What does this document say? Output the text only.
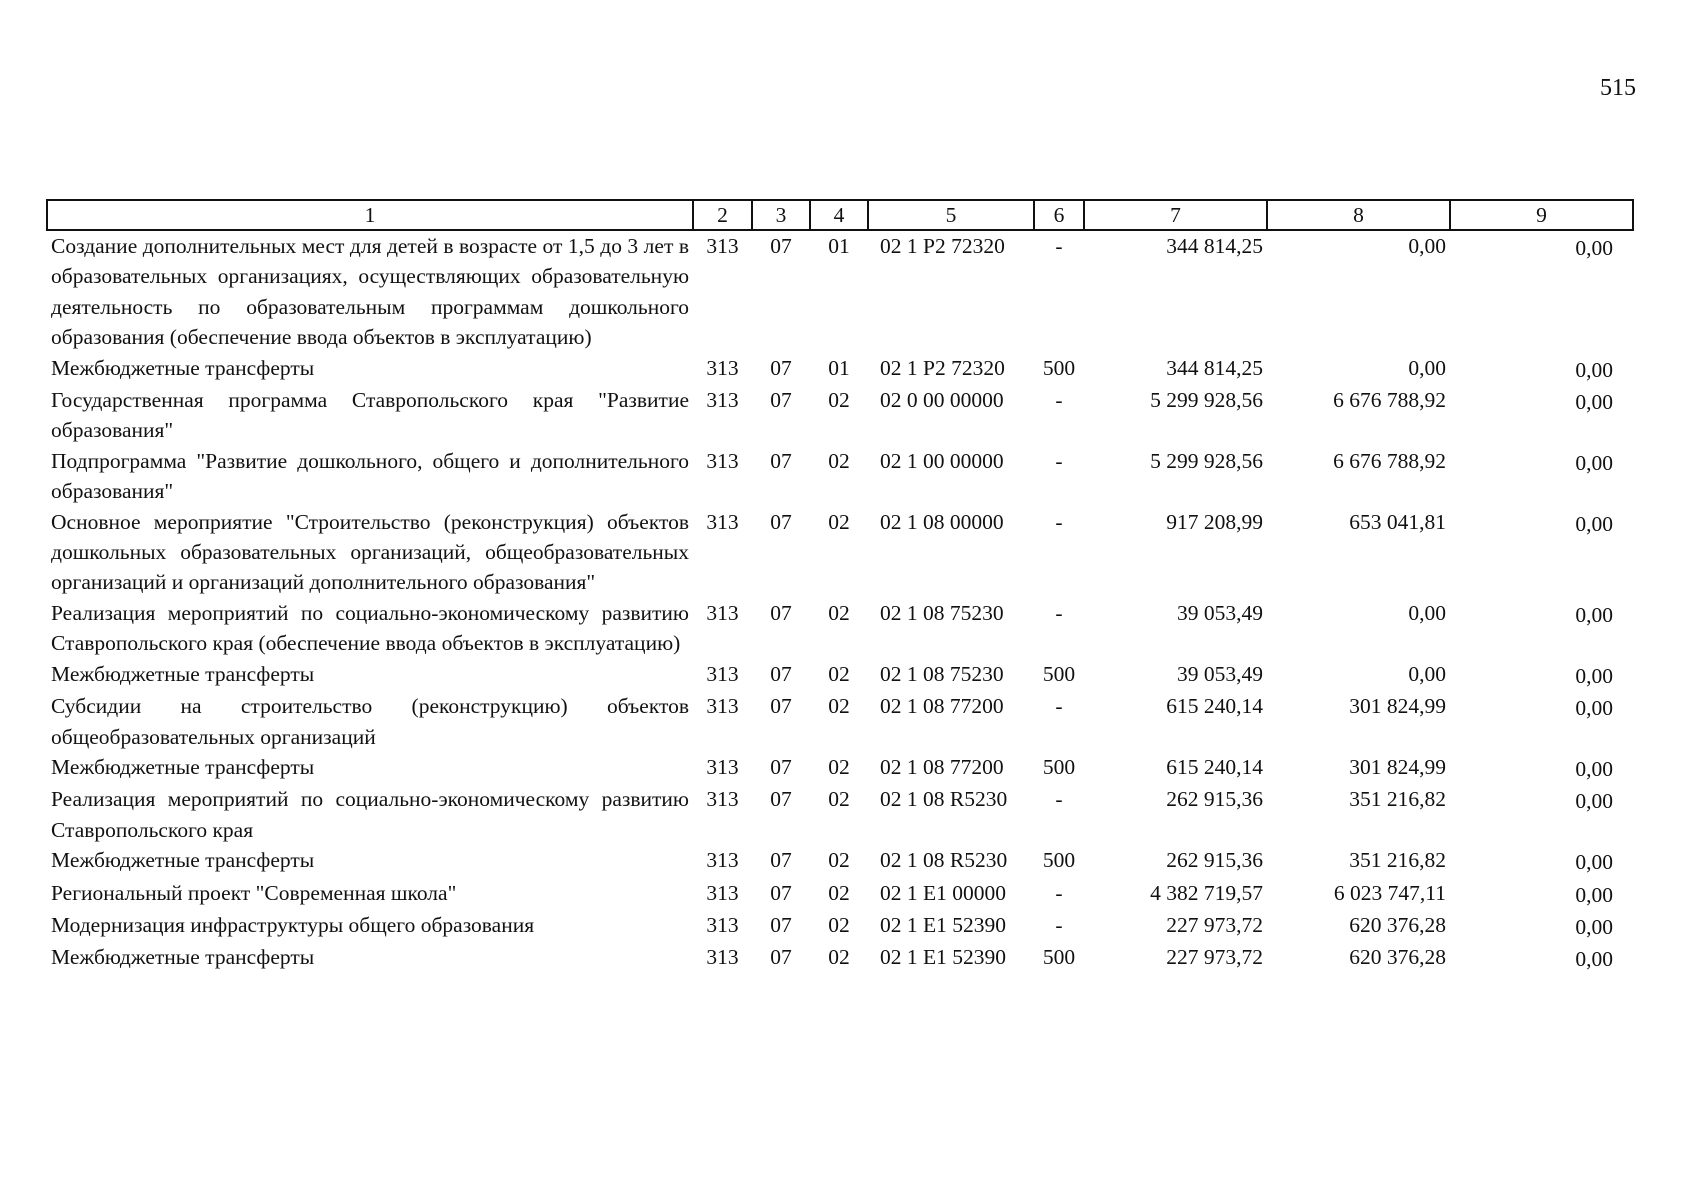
515
1	2	3	4	5	6	7	8	9
Создание дополнительных мест для детей в возрасте от 1,5 до 3 лет в образовательных организациях, осуществляющих образовательную деятельность по образовательным программам дошкольного образования (обеспечение ввода объектов в эксплуатацию)	313	07	01	02 1 P2 72320	-	344 814,25	0,00	0,00
Межбюджетные трансферты	313	07	01	02 1 P2 72320	500	344 814,25	0,00	0,00
Государственная программа Ставропольского края "Развитие образования"	313	07	02	02 0 00 00000	-	5 299 928,56	6 676 788,92	0,00
Подпрограмма "Развитие дошкольного, общего и дополнительного образования"	313	07	02	02 1 00 00000	-	5 299 928,56	6 676 788,92	0,00
Основное мероприятие "Строительство (реконструкция) объектов дошкольных образовательных организаций, общеобразовательных организаций и организаций дополнительного образования"	313	07	02	02 1 08 00000	-	917 208,99	653 041,81	0,00
Реализация мероприятий по социально-экономическому развитию Ставропольского края (обеспечение ввода объектов в эксплуатацию)	313	07	02	02 1 08 75230	-	39 053,49	0,00	0,00
Межбюджетные трансферты	313	07	02	02 1 08 75230	500	39 053,49	0,00	0,00
Субсидии на строительство (реконструкцию) объектов общеобразовательных организаций	313	07	02	02 1 08 77200	-	615 240,14	301 824,99	0,00
Межбюджетные трансферты	313	07	02	02 1 08 77200	500	615 240,14	301 824,99	0,00
Реализация мероприятий по социально-экономическому развитию Ставропольского края	313	07	02	02 1 08 R5230	-	262 915,36	351 216,82	0,00
Межбюджетные трансферты	313	07	02	02 1 08 R5230	500	262 915,36	351 216,82	0,00
Региональный проект "Современная школа"	313	07	02	02 1 E1 00000	-	4 382 719,57	6 023 747,11	0,00
Модернизация инфраструктуры общего образования	313	07	02	02 1 E1 52390	-	227 973,72	620 376,28	0,00
Межбюджетные трансферты	313	07	02	02 1 E1 52390	500	227 973,72	620 376,28	0,00
